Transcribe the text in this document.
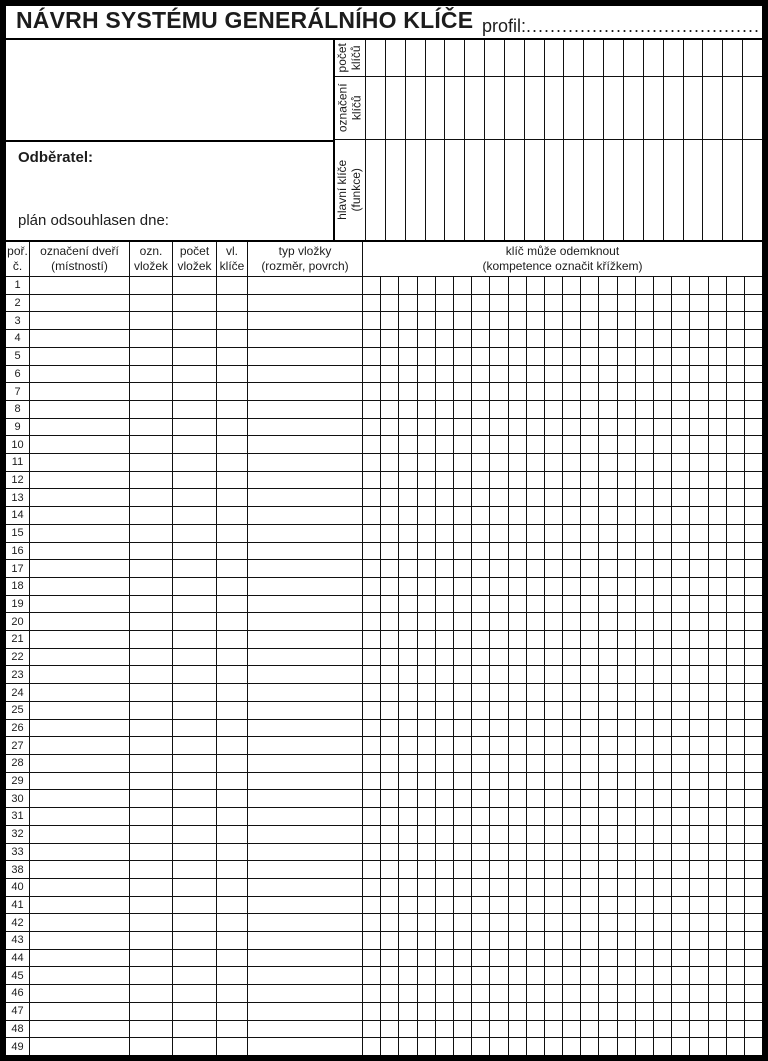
NÁVRH SYSTÉMU GENERÁLNÍHO KLÍČE profil:.......................................
Odběratel:
plán odsouhlasen dne:
počet klíčů
označení klíčů
hlavní klíče (funkce)
poř.
č.
označení dveří
(místností)
ozn.
vložek
počet
vložek
vl.
klíče
typ vložky
(rozměr, povrch)
klíč může odemknout
(kompetence označit křížkem)
1
2
3
4
5
6
7
8
9
10
11
12
13
14
15
16
17
18
19
20
21
22
23
24
25
26
27
28
29
30
31
32
33
38
40
41
42
43
44
45
46
47
48
49
